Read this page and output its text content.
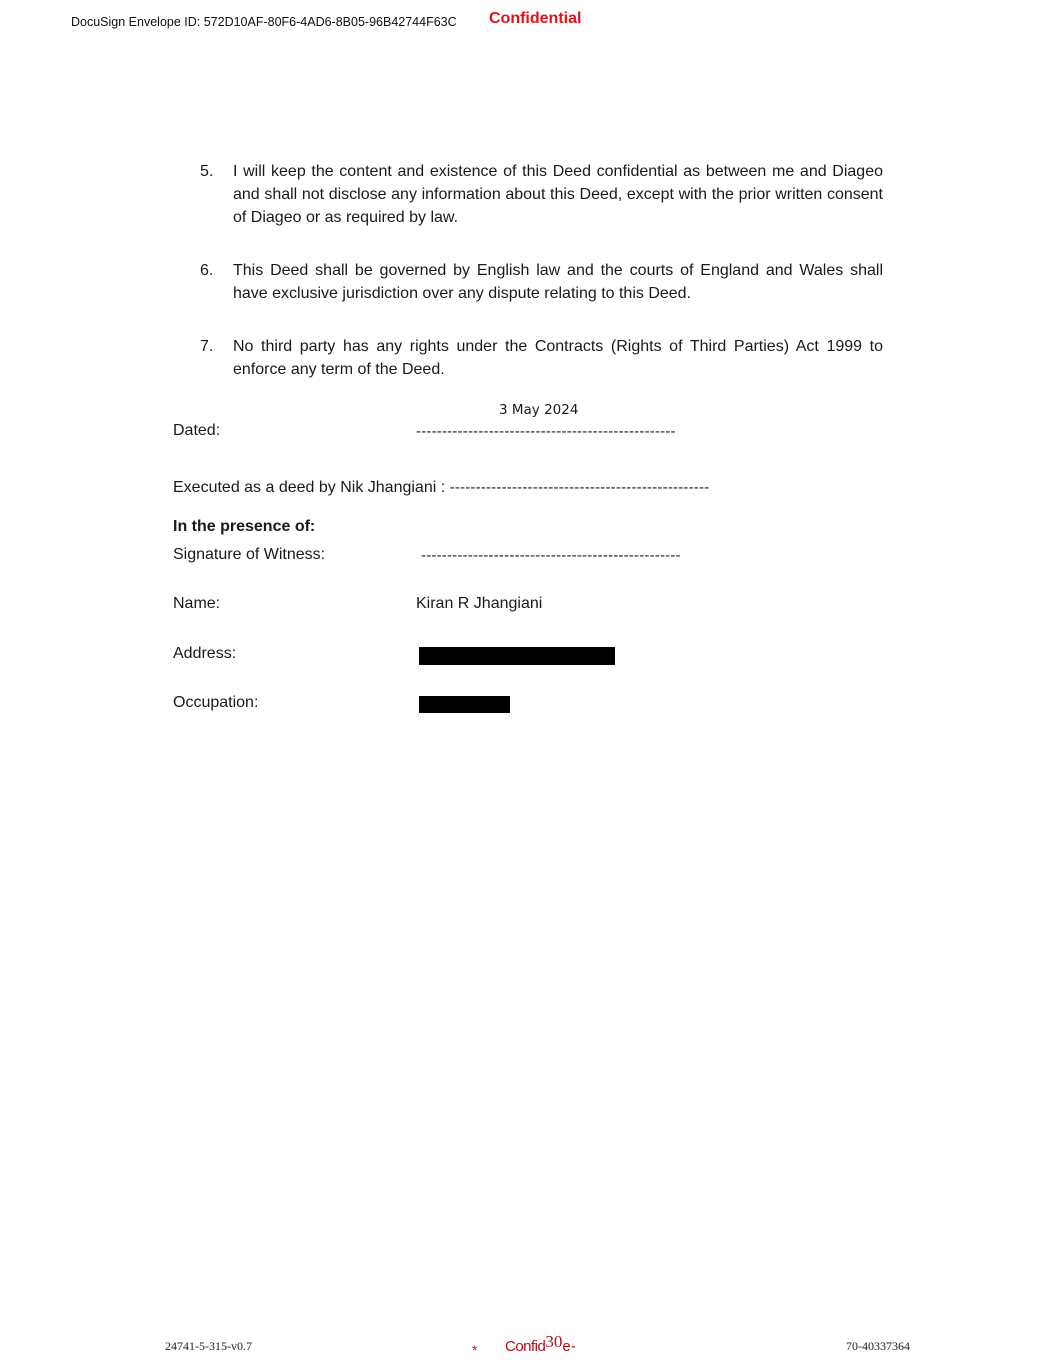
DocuSign Envelope ID: 572D10AF-80F6-4AD6-8B05-96B42744F63C Confidential
5.	I will keep the content and existence of this Deed confidential as between me and Diageo and shall not disclose any information about this Deed, except with the prior written consent of Diageo or as required by law.
6.	This Deed shall be governed by English law and the courts of England and Wales shall have exclusive jurisdiction over any dispute relating to this Deed.
7.	No third party has any rights under the Contracts (Rights of Third Parties) Act 1999 to enforce any term of the Deed.
3 May 2024
Dated:	--------------------------------------------------
Executed as a deed by Nik Jhangiani : --------------------------------------------------
In the presence of:
Signature of Witness:	--------------------------------------------------
Name:	Kiran R Jhangiani
Address:
Occupation:
24741-5-315-v0.7	* Confid30e-	70-40337364
